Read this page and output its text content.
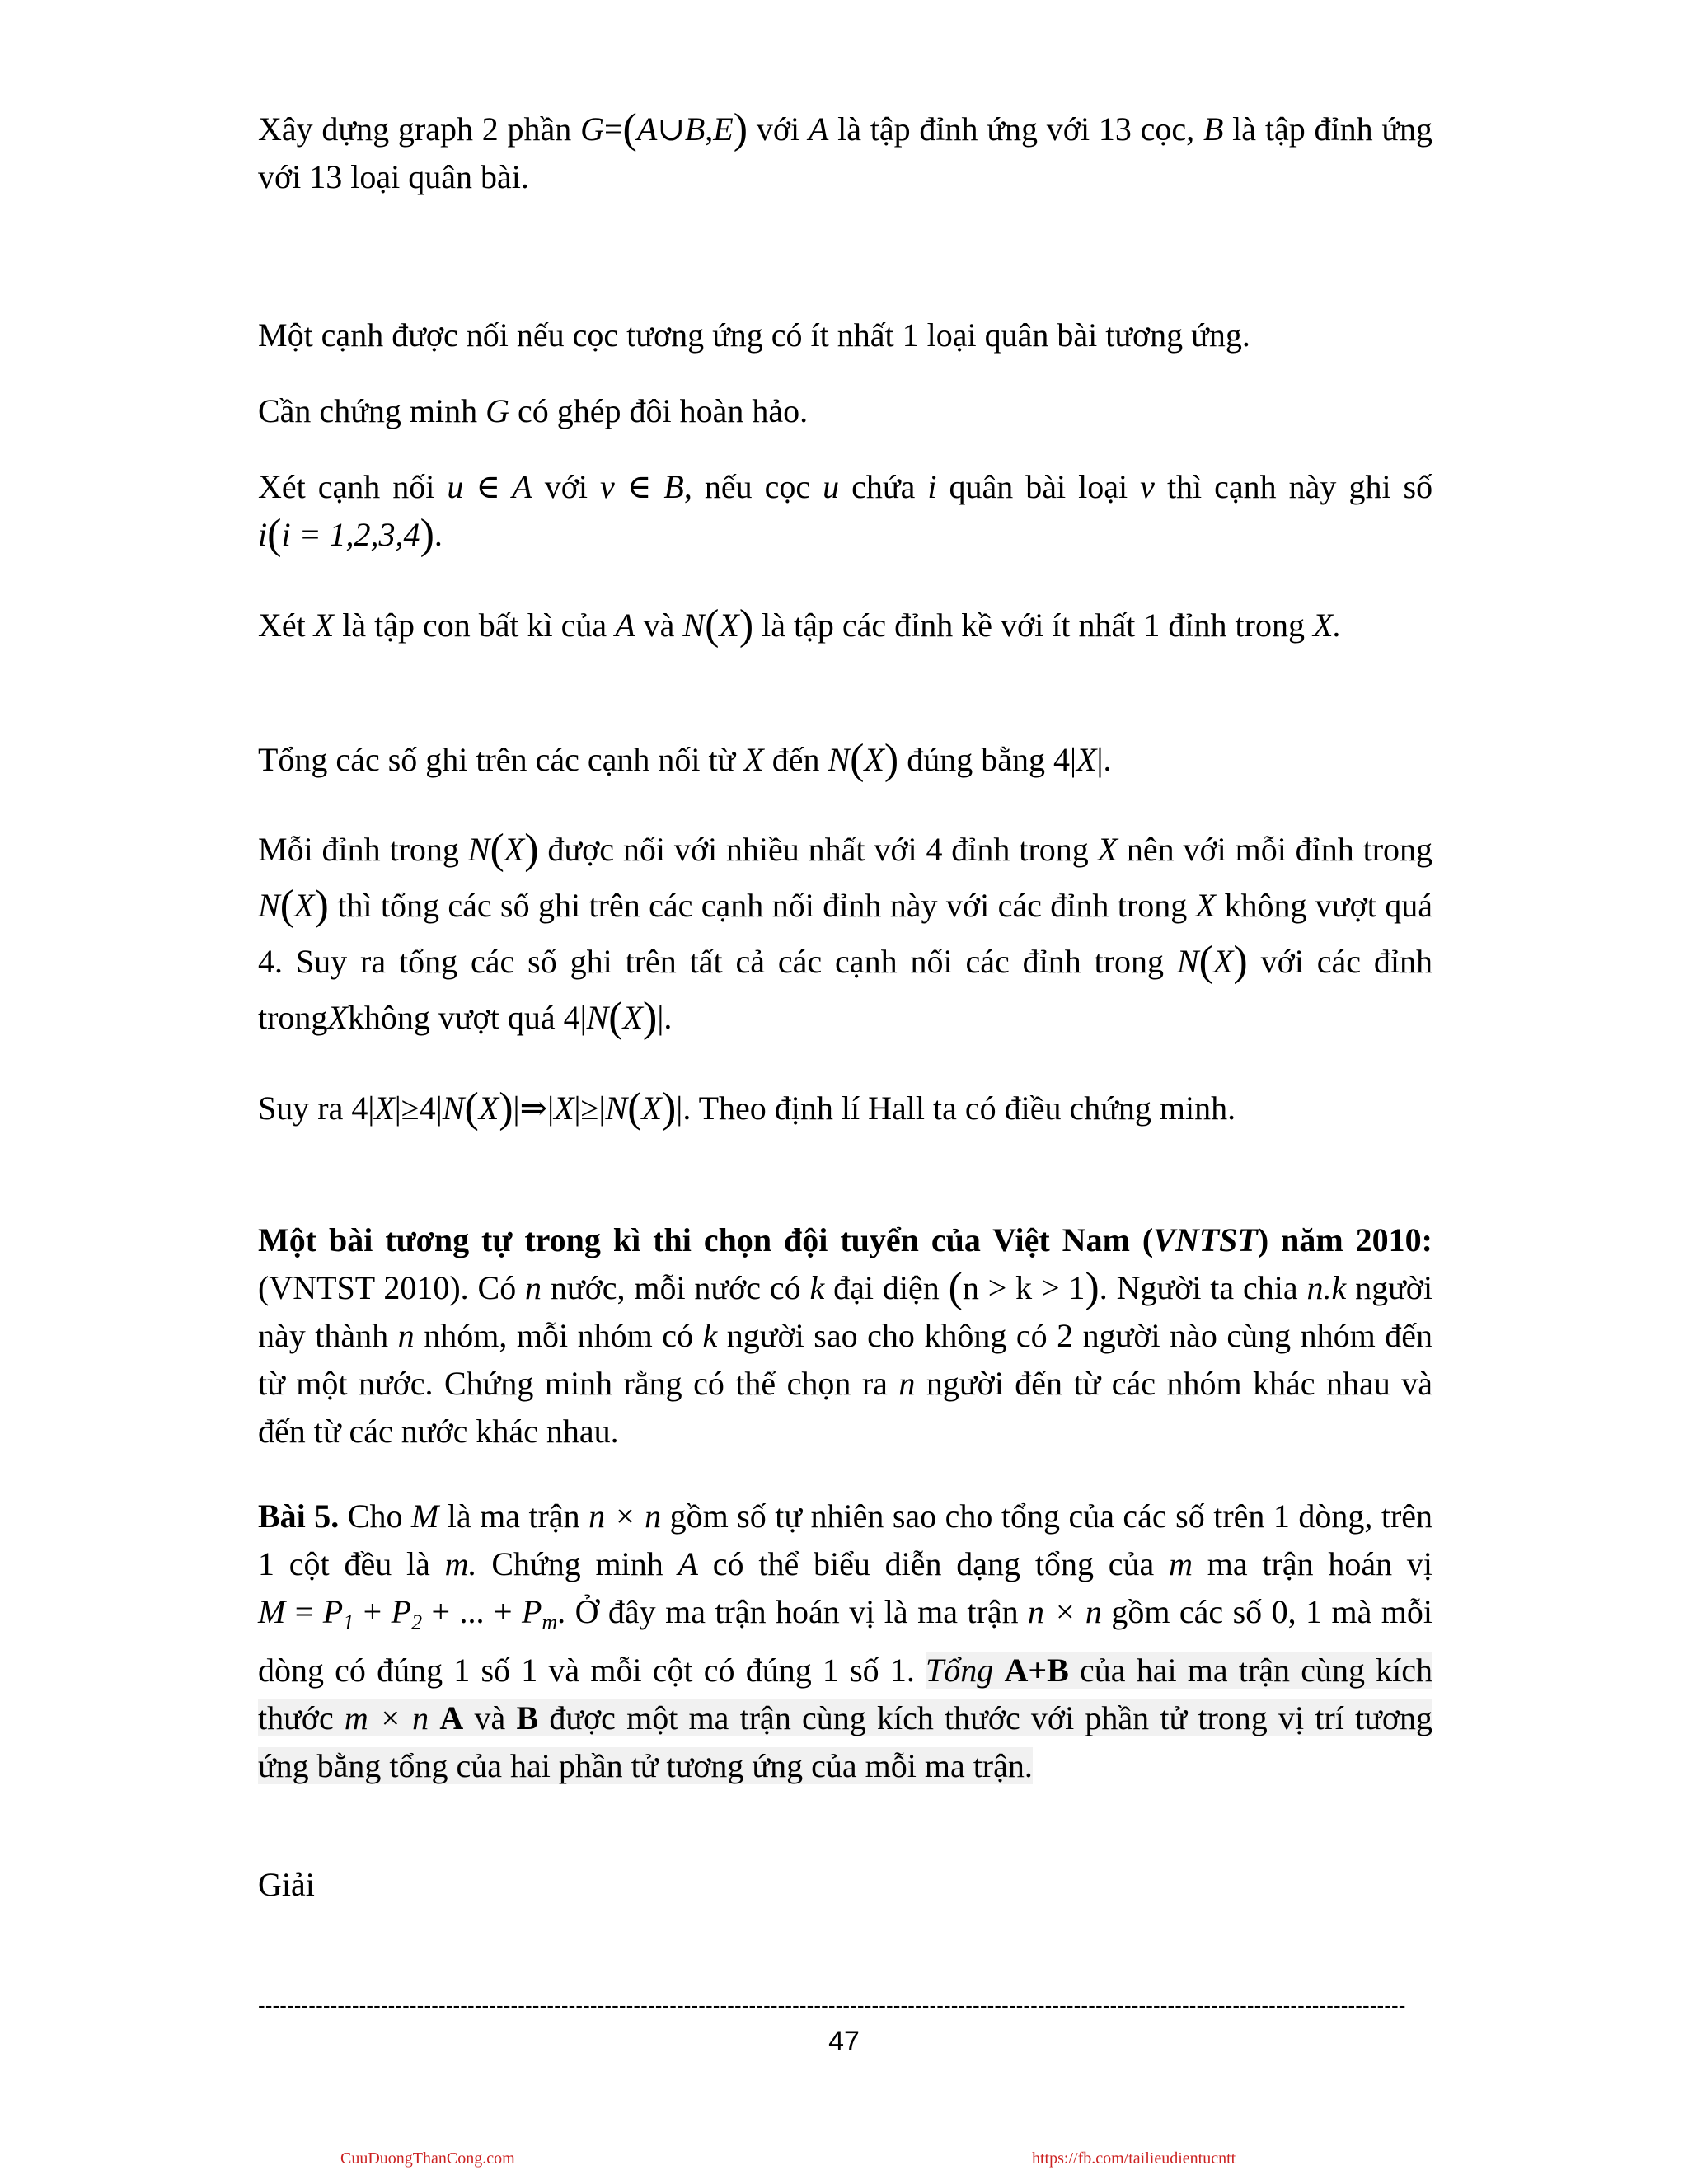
Xây dựng graph 2 phần G=(A∪B,E) với A là tập đỉnh ứng với 13 cọc, B là tập đỉnh ứng với 13 loại quân bài.

Một cạnh được nối nếu cọc tương ứng có ít nhất 1 loại quân bài tương ứng.

Cần chứng minh G có ghép đôi hoàn hảo.

Xét cạnh nối u ∈ A với v ∈ B, nếu cọc u chứa i quân bài loại v thì cạnh này ghi số i(i = 1,2,3,4).

Xét X là tập con bất kì của A và N(X) là tập các đỉnh kề với ít nhất 1 đỉnh trong X.

Tổng các số ghi trên các cạnh nối từ X đến N(X) đúng bằng 4|X|.

Mỗi đỉnh trong N(X) được nối với nhiều nhất với 4 đỉnh trong X nên với mỗi đỉnh trong N(X) thì tổng các số ghi trên các cạnh nối đỉnh này với các đỉnh trong X không vượt quá 4. Suy ra tổng các số ghi trên tất cả các cạnh nối các đỉnh trong N(X) với các đỉnh trongXkhông vượt quá 4|N(X)|.

Suy ra 4|X|≥4|N(X)|⇒|X|≥|N(X)|. Theo định lí Hall ta có điều chứng minh.

Một bài tương tự trong kì thi chọn đội tuyển của Việt Nam (VNTST) năm 2010: (VNTST 2010). Có n nước, mỗi nước có k đại diện (n > k > 1). Người ta chia n.k người này thành n nhóm, mỗi nhóm có k người sao cho không có 2 người nào cùng nhóm đến từ một nước. Chứng minh rằng có thể chọn ra n người đến từ các nhóm khác nhau và đến từ các nước khác nhau.

Bài 5. Cho M là ma trận n × n gồm số tự nhiên sao cho tổng của các số trên 1 dòng, trên 1 cột đều là m. Chứng minh A có thể biểu diễn dạng tổng của m ma trận hoán vị $M = P_1 + P_2$ + ... + $P_m$. Ở đây ma trận hoán vị là ma trận n × n gồm các số 0, 1 mà mỗi dòng có đúng 1 số 1 và mỗi cột có đúng 1 số 1. Tổng A+B của hai ma trận cùng kích thước m × n A và B được một ma trận cùng kích thước với phần tử trong vị trí tương ứng bằng tổng của hai phần tử tương ứng của mỗi ma trận.

Giải

---------------------------------------------------------------------------------------------------------------------------------------------------------------
47
CuuDuongThanCong.com	https://fb.com/tailieudientucntt
